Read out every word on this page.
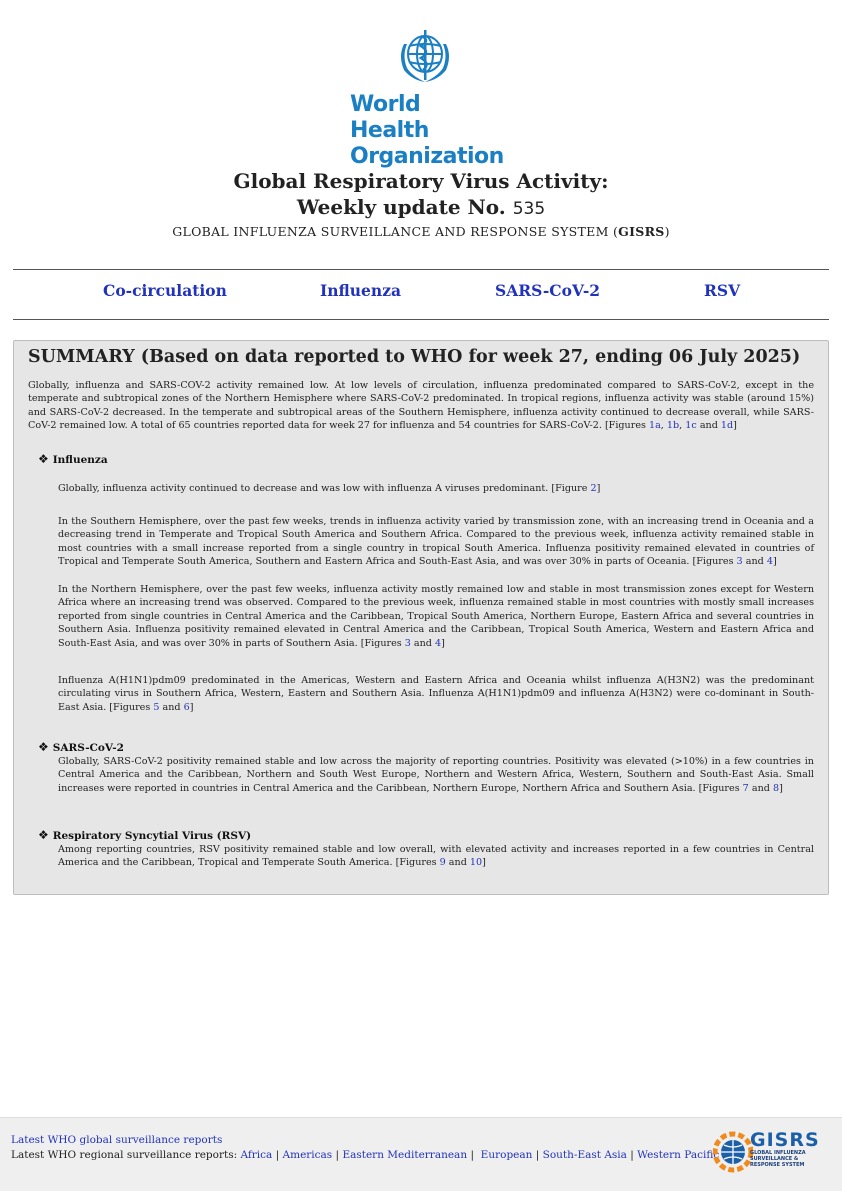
World Health
Organization
Global Respiratory Virus Activity:
Weekly update No. 535
GLOBAL INFLUENZA SURVEILLANCE AND RESPONSE SYSTEM (GISRS)
Co-circulation	Influenza	SARS-CoV-2	RSV
SUMMARY (Based on data reported to WHO for week 27, ending 06 July 2025)

Globally, influenza and SARS-COV-2 activity remained low. At low levels of circulation, influenza predominated compared to SARS-CoV-2, except in the temperate and subtropical zones of the Northern Hemisphere where SARS-CoV-2 predominated. In tropical regions, influenza activity was stable (around 15%) and SARS-CoV-2 decreased. In the temperate and subtropical areas of the Southern Hemisphere, influenza activity continued to decrease overall, while SARS-CoV-2 remained low. A total of 65 countries reported data for week 27 for influenza and 54 countries for SARS-CoV-2. [Figures 1a, 1b, 1c and 1d]

❖ Influenza

Globally, influenza activity continued to decrease and was low with influenza A viruses predominant. [Figure 2]

In the Southern Hemisphere, over the past few weeks, trends in influenza activity varied by transmission zone, with an increasing trend in Oceania and a decreasing trend in Temperate and Tropical South America and Southern Africa. Compared to the previous week, influenza activity remained stable in most countries with a small increase reported from a single country in tropical South America. Influenza positivity remained elevated in countries of Tropical and Temperate South America, Southern and Eastern Africa and South-East Asia, and was over 30% in parts of Oceania. [Figures 3 and 4]

In the Northern Hemisphere, over the past few weeks, influenza activity mostly remained low and stable in most transmission zones except for Western Africa where an increasing trend was observed. Compared to the previous week, influenza remained stable in most countries with mostly small increases reported from single countries in Central America and the Caribbean, Tropical South America, Northern Europe, Eastern Africa and several countries in Southern Asia. Influenza positivity remained elevated in Central America and the Caribbean, Tropical South America, Western and Eastern Africa and South-East Asia, and was over 30% in parts of Southern Asia. [Figures 3 and 4]

Influenza A(H1N1)pdm09 predominated in the Americas, Western and Eastern Africa and Oceania whilst influenza A(H3N2) was the predominant circulating virus in Southern Africa, Western, Eastern and Southern Asia. Influenza A(H1N1)pdm09 and influenza A(H3N2) were co-dominant in South-East Asia. [Figures 5 and 6]

❖ SARS-CoV-2

Globally, SARS-CoV-2 positivity remained stable and low across the majority of reporting countries. Positivity was elevated (>10%) in a few countries in Central America and the Caribbean, Northern and South West Europe, Northern and Western Africa, Western, Southern and South-East Asia. Small increases were reported in countries in Central America and the Caribbean, Northern Europe, Northern Africa and Southern Asia. [Figures 7 and 8]

❖ Respiratory Syncytial Virus (RSV)

Among reporting countries, RSV positivity remained stable and low overall, with elevated activity and increases reported in a few countries in Central America and the Caribbean, Tropical and Temperate South America. [Figures 9 and 10]

Latest WHO global surveillance reports
Latest WHO regional surveillance reports: Africa | Americas | Eastern Mediterranean | European | South-East Asia | Western Pacific
GISRS
GLOBAL INFLUENZA SURVEILLANCE & RESPONSE SYSTEM
